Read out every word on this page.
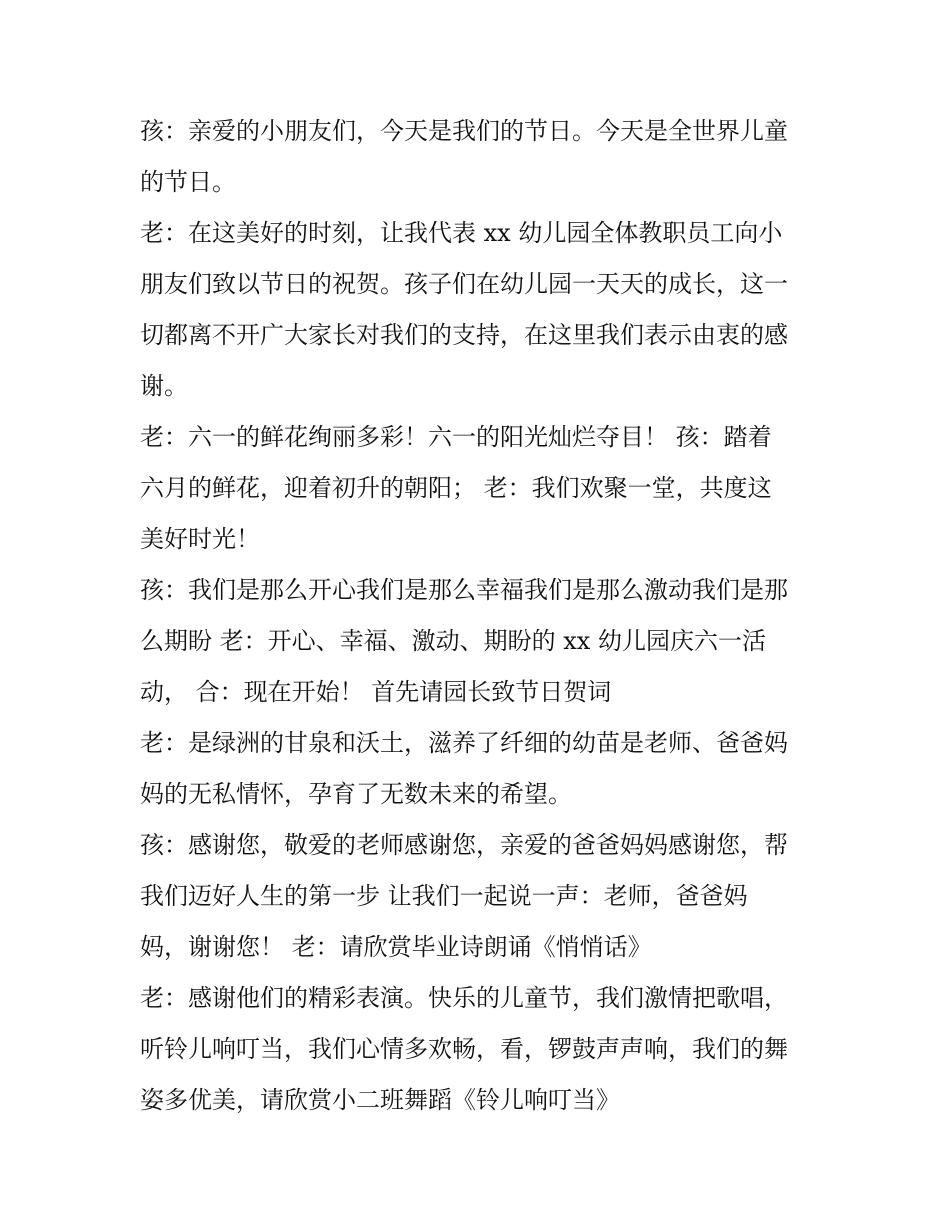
孩：亲爱的小朋友们，今天是我们的节日。今天是全世界儿童
的节日。
老：在这美好的时刻，让我代表 xx 幼儿园全体教职员工向小
朋友们致以节日的祝贺。孩子们在幼儿园一天天的成长，这一
切都离不开广大家长对我们的支持，在这里我们表示由衷的感
谢。
老：六一的鲜花绚丽多彩！六一的阳光灿烂夺目！ 孩：踏着
六月的鲜花，迎着初升的朝阳； 老：我们欢聚一堂，共度这
美好时光！
孩：我们是那么开心我们是那么幸福我们是那么激动我们是那
么期盼 老：开心、幸福、激动、期盼的 xx 幼儿园庆六一活
动， 合：现在开始！ 首先请园长致节日贺词
老：是绿洲的甘泉和沃土，滋养了纤细的幼苗是老师、爸爸妈
妈的无私情怀，孕育了无数未来的希望。
孩：感谢您，敬爱的老师感谢您，亲爱的爸爸妈妈感谢您，帮
我们迈好人生的第一步 让我们一起说一声：老师，爸爸妈
妈，谢谢您！ 老：请欣赏毕业诗朗诵《悄悄话》
老：感谢他们的精彩表演。快乐的儿童节，我们激情把歌唱，
听铃儿响叮当，我们心情多欢畅，看，锣鼓声声响，我们的舞
姿多优美，请欣赏小二班舞蹈《铃儿响叮当》
